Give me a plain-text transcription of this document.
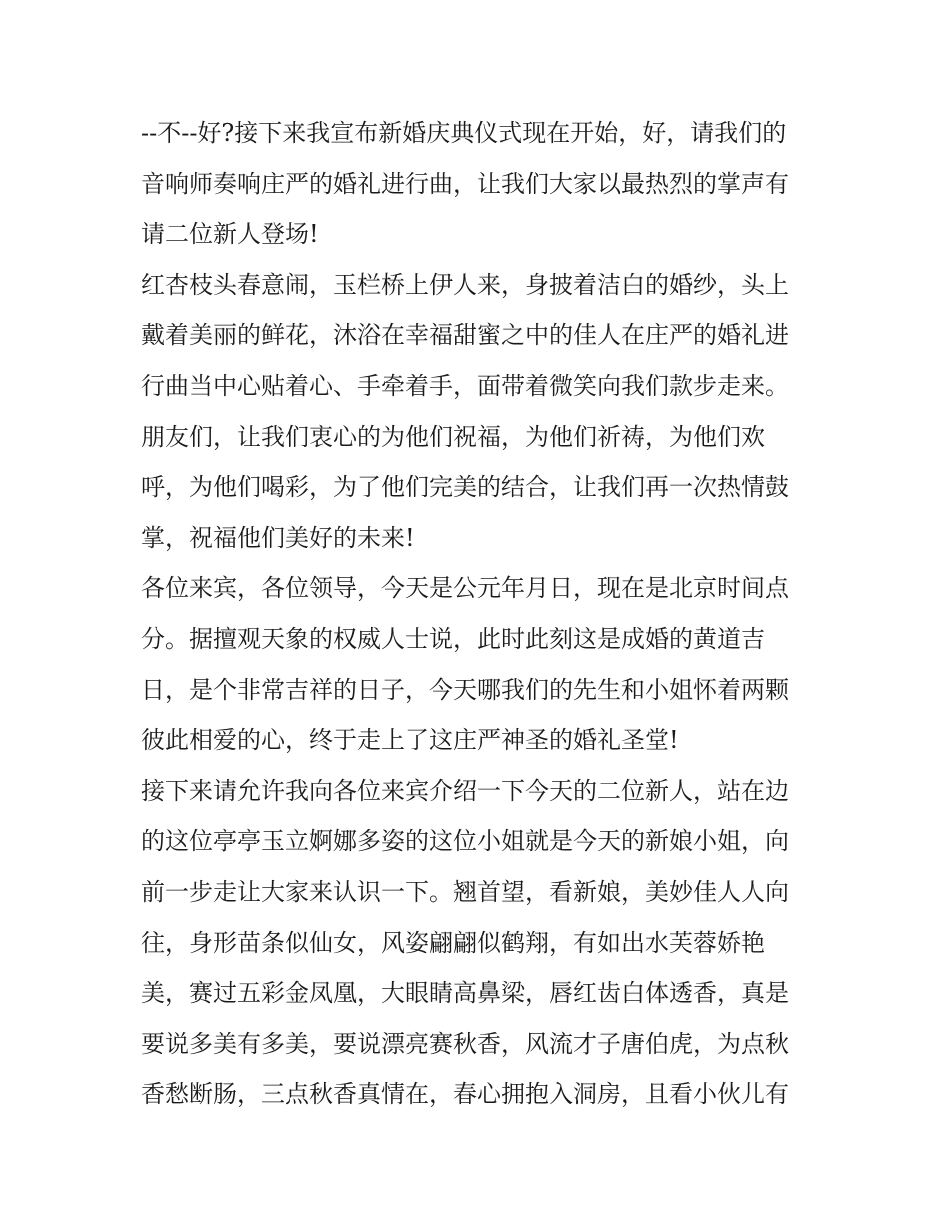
--不--好?接下来我宣布新婚庆典仪式现在开始，好，请我们的
音响师奏响庄严的婚礼进行曲，让我们大家以最热烈的掌声有
请二位新人登场!
红杏枝头春意闹，玉栏桥上伊人来，身披着洁白的婚纱，头上
戴着美丽的鲜花，沐浴在幸福甜蜜之中的佳人在庄严的婚礼进
行曲当中心贴着心、手牵着手，面带着微笑向我们款步走来。
朋友们，让我们衷心的为他们祝福，为他们祈祷，为他们欢
呼，为他们喝彩，为了他们完美的结合，让我们再一次热情鼓
掌，祝福他们美好的未来!
各位来宾，各位领导，今天是公元年月日，现在是北京时间点
分。据擅观天象的权威人士说，此时此刻这是成婚的黄道吉
日，是个非常吉祥的日子，今天哪我们的先生和小姐怀着两颗
彼此相爱的心，终于走上了这庄严神圣的婚礼圣堂!
接下来请允许我向各位来宾介绍一下今天的二位新人，站在边
的这位亭亭玉立婀娜多姿的这位小姐就是今天的新娘小姐，向
前一步走让大家来认识一下。翘首望，看新娘，美妙佳人人向
往，身形苗条似仙女，风姿翩翩似鹤翔，有如出水芙蓉娇艳
美，赛过五彩金凤凰，大眼睛高鼻梁，唇红齿白体透香，真是
要说多美有多美，要说漂亮赛秋香，风流才子唐伯虎，为点秋
香愁断肠，三点秋香真情在，春心拥抱入洞房，且看小伙儿有
